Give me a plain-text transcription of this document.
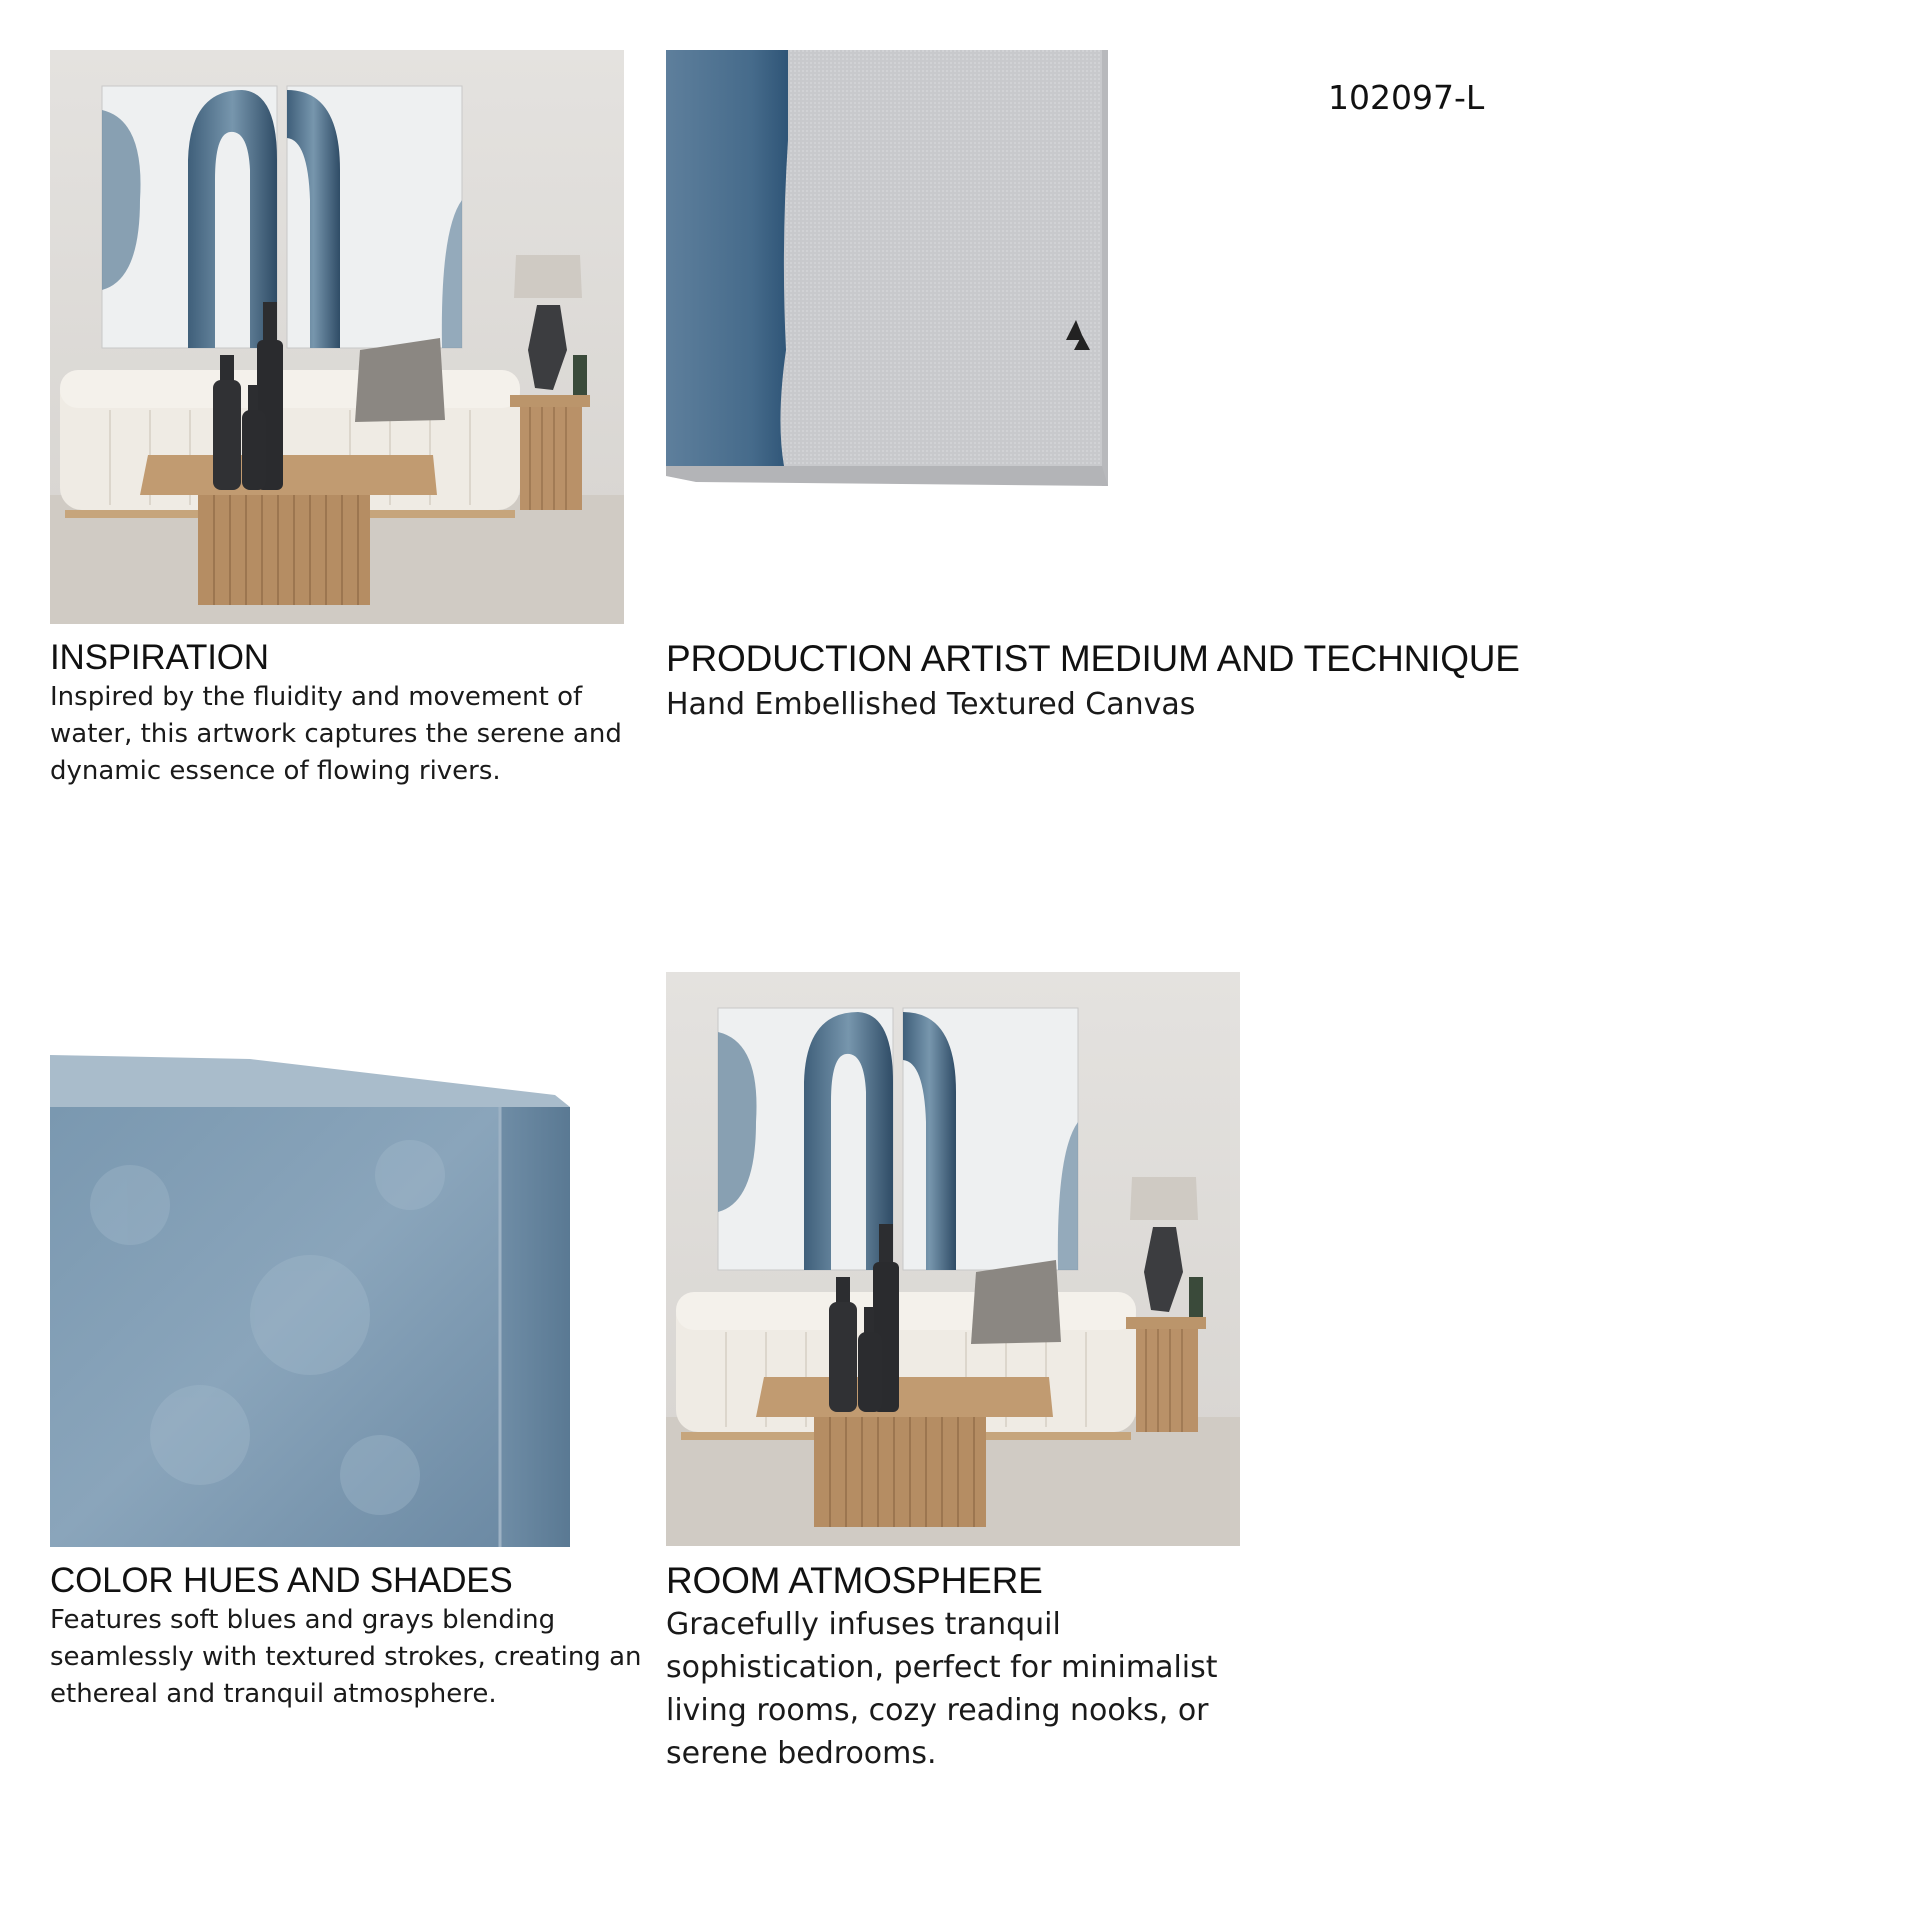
102097-L
INSPIRATION
Inspired by the fluidity and movement of
water, this artwork captures the serene and
dynamic essence of flowing rivers.
PRODUCTION ARTIST MEDIUM AND TECHNIQUE
Hand Embellished Textured Canvas
COLOR HUES AND SHADES
Features soft blues and grays blending
seamlessly with textured strokes, creating an
ethereal and tranquil atmosphere.
ROOM ATMOSPHERE
Gracefully infuses tranquil
sophistication, perfect for minimalist
living rooms, cozy reading nooks, or
serene bedrooms.
